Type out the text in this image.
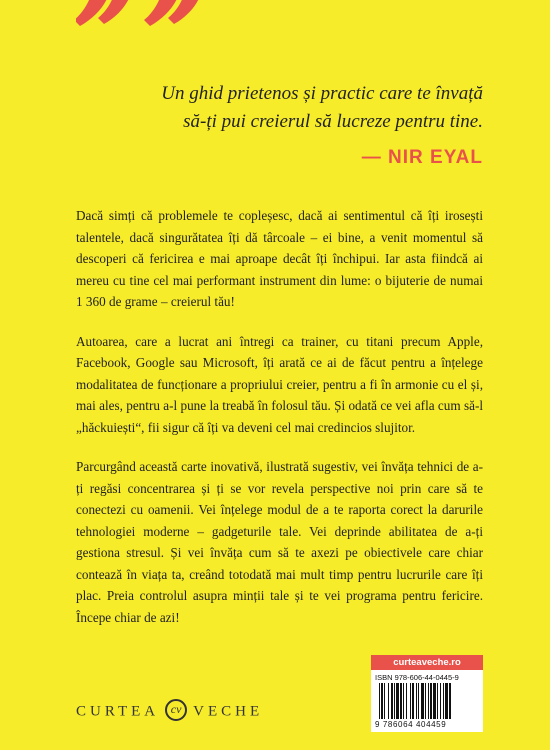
Un ghid prietenos și practic care te învață
să-ți pui creierul să lucreze pentru tine.
— NIR EYAL

Dacă simți că problemele te copleșesc, dacă ai sentimentul că îți irosești talentele, dacă singurătatea îți dă târcoale – ei bine, a venit momentul să descoperi că fericirea e mai aproape decât îți închipui. Iar asta fiindcă ai mereu cu tine cel mai performant instrument din lume: o bijuterie de numai 1 360 de grame – creierul tău!

Autoarea, care a lucrat ani întregi ca trainer, cu titani precum Apple, Facebook, Google sau Microsoft, îți arată ce ai de făcut pentru a înțelege modalitatea de funcționare a propriului creier, pentru a fi în armonie cu el și, mai ales, pentru a-l pune la treabă în folosul tău. Și odată ce vei afla cum să-l „hăckuiești“, fii sigur că îți va deveni cel mai credincios slujitor.

Parcurgând această carte inovativă, ilustrată sugestiv, vei învăța tehnici de a-ți regăsi concentrarea și ți se vor revela perspective noi prin care să te conectezi cu oamenii. Vei înțelege modul de a te raporta corect la darurile tehnologiei moderne – gadgeturile tale. Vei deprinde abilitatea de a-ți gestiona stresul. Și vei învăța cum să te axezi pe obiectivele care chiar contează în viața ta, creând totodată mai mult timp pentru lucrurile care îți plac. Preia controlul asupra minții tale și te vei programa pentru fericire. Începe chiar de azi!

CURTEA cv VECHE
curteaveche.ro
ISBN 978-606-44-0445-9
9 786064 404459
